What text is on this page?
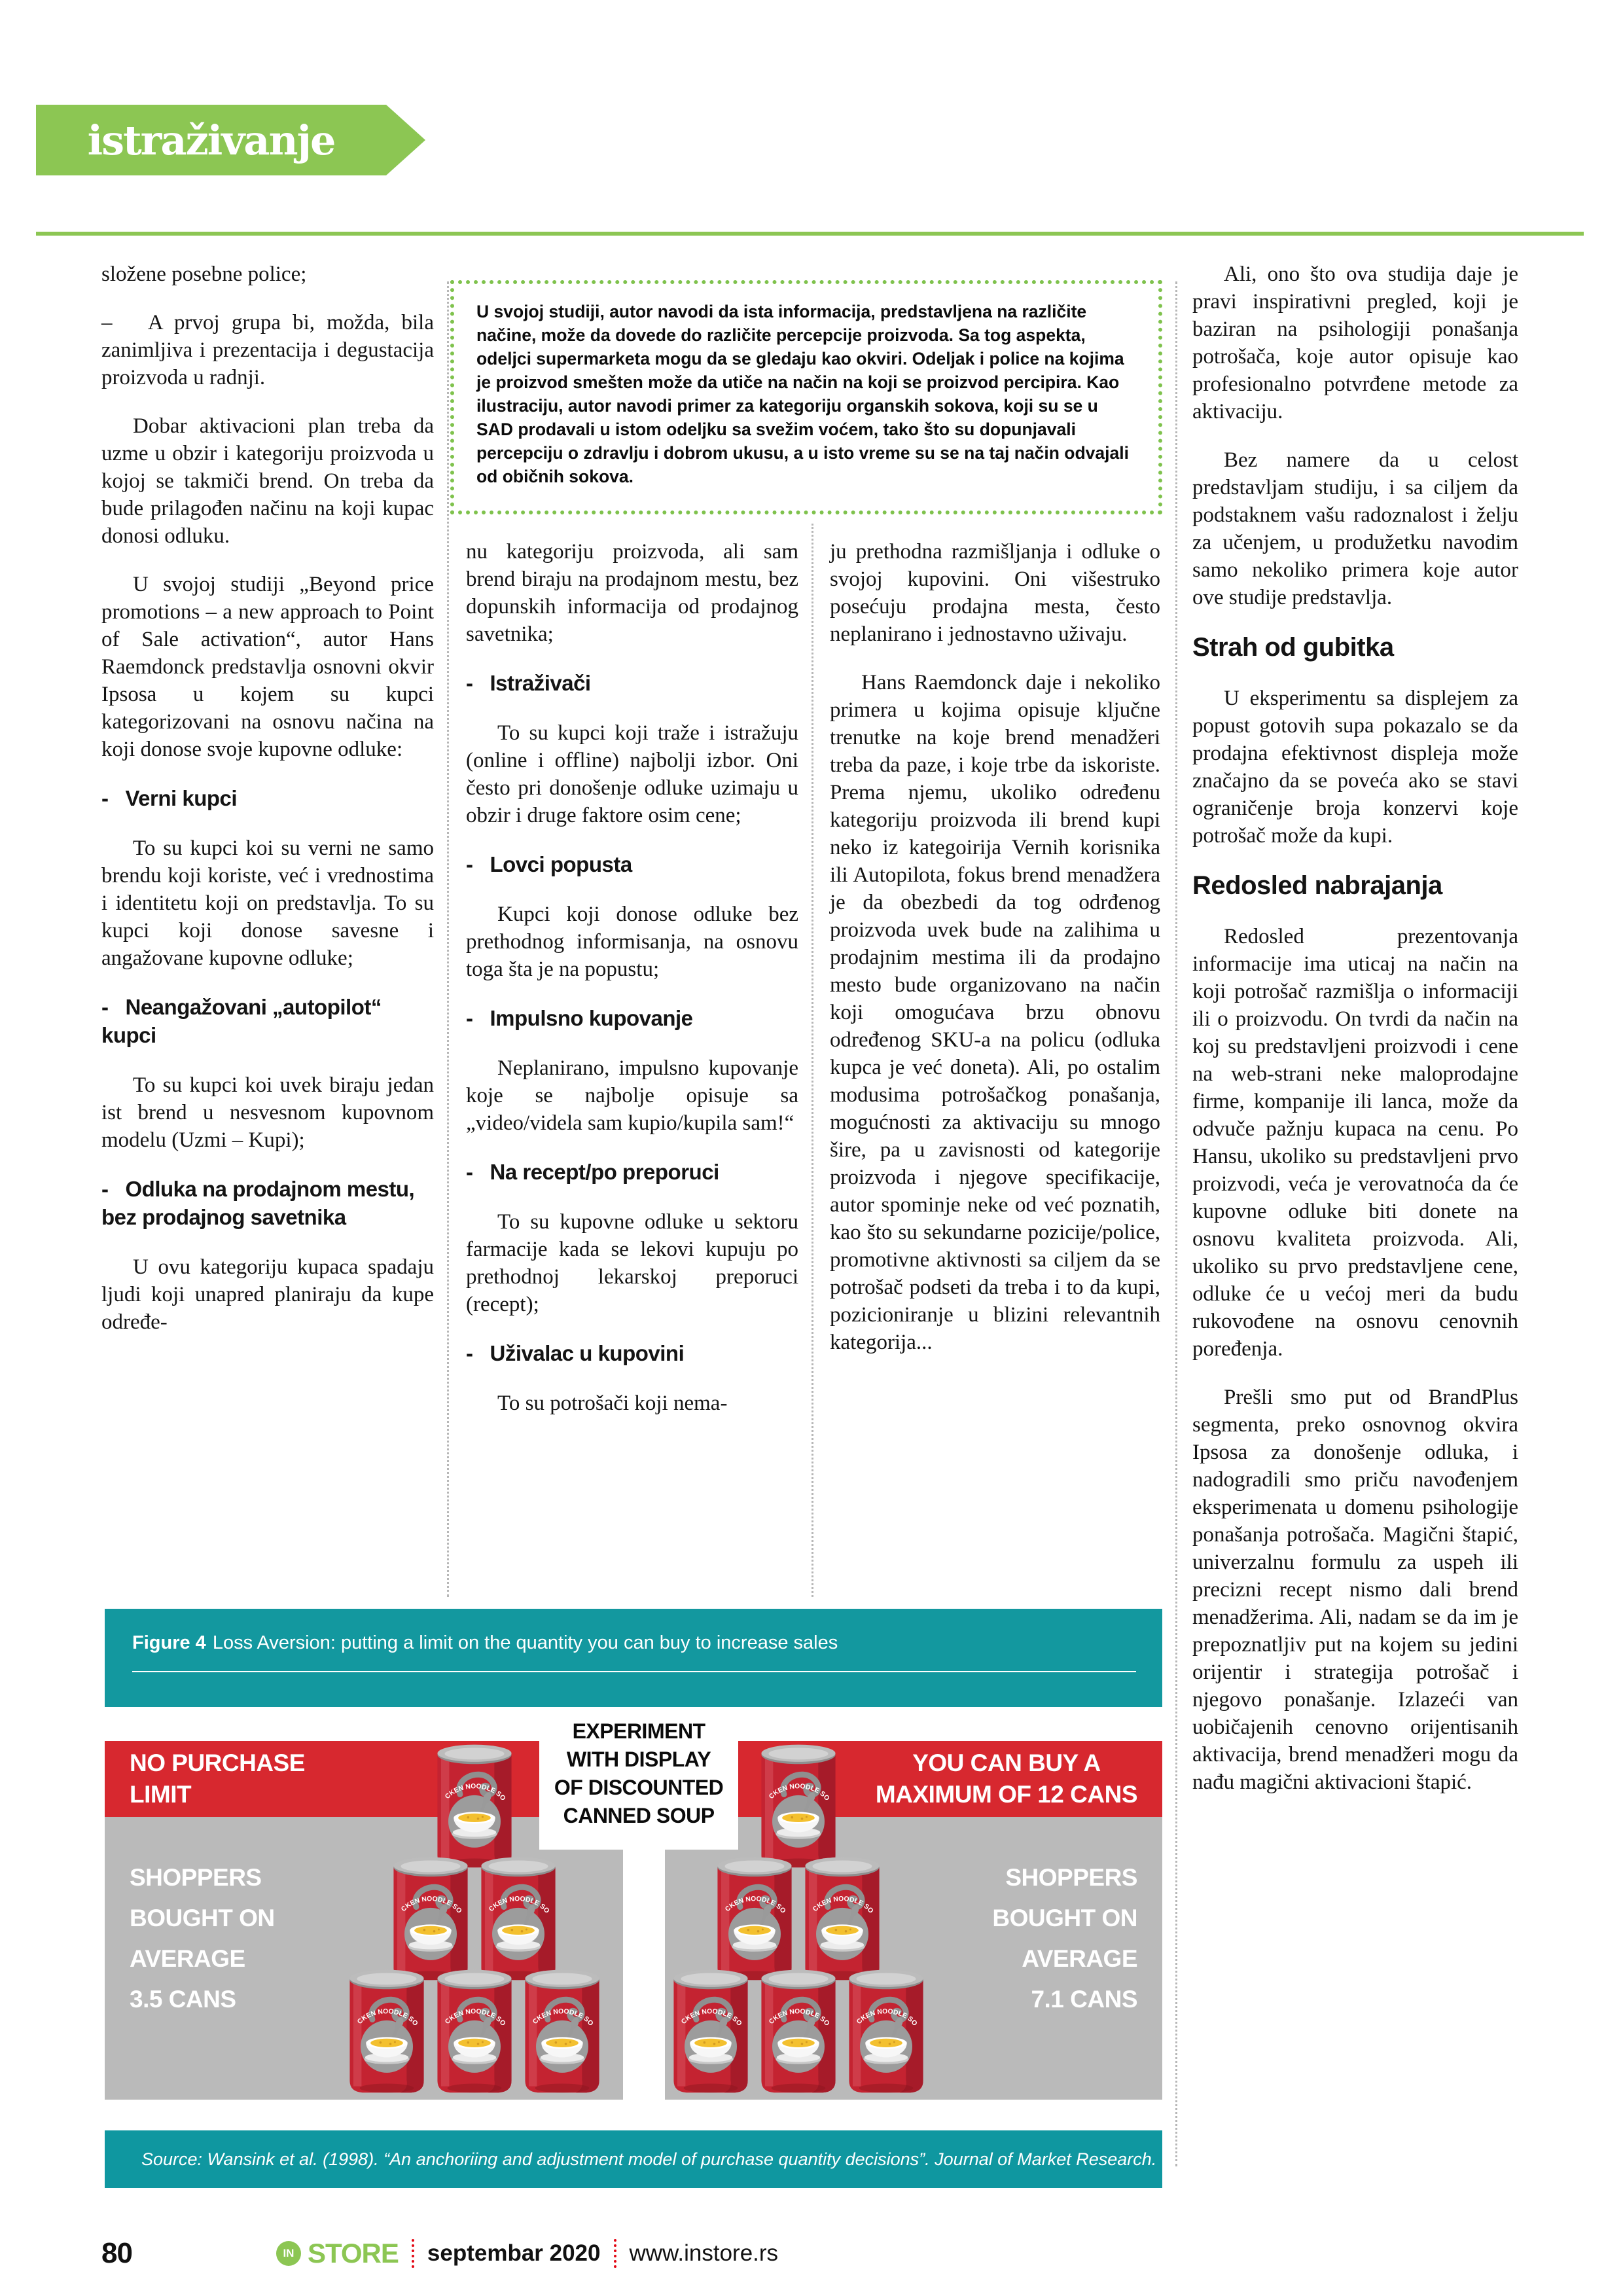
istraživanje

U svojoj studiji, autor navodi da ista informacija, predstavljena na različite načine, može da dovede do različite percepcije proizvoda. Sa tog aspekta, odeljci supermarketa mogu da se gledaju kao okviri. Odeljak i police na kojima je proizvod smešten može da utiče na način na koji se proizvod percipira. Kao ilustraciju, autor navodi primer za kategoriju organskih sokova, koji su se u SAD prodavali u istom odeljku sa svežim voćem, tako što su dopunjavali percepciju o zdravlju i dobrom ukusu, a u isto vreme su se na taj način odvajali od običnih sokova.

složene posebne police;
–   A prvoj grupa bi, možda, bila zanimljiva i prezentacija i degustacija proizvoda u radnji.
Dobar aktivacioni plan treba da uzme u obzir i kategoriju proizvoda u kojoj se takmiči brend. On treba da bude prilagođen načinu na koji kupac donosi odluku.
U svojoj studiji „Beyond price promotions – a new approach to Point of Sale activation“, autor Hans Raemdonck predstavlja osnovni okvir Ipsosa u kojem su kupci kategorizovani na osnovu načina na koji donose svoje kupovne odluke:
-   Verni kupci
To su kupci koi su verni ne samo brendu koji koriste, već i vrednostima i identitetu koji on predstavlja. To su kupci koji donose savesne i angažovane kupovne odluke;
-   Neangažovani „autopilot“ kupci
To su kupci koi uvek biraju jedan ist brend u nesvesnom kupovnom modelu (Uzmi – Kupi);
-   Odluka na prodajnom mestu, bez prodajnog savetnika
U ovu kategoriju kupaca spadaju ljudi koji unapred planiraju da kupe određe-
nu kategoriju proizvoda, ali sam brend biraju na prodajnom mestu, bez dopunskih informacija od prodajnog savetnika;
-   Istraživači
To su kupci koji traže i istražuju (online i offline) najbolji izbor. Oni često pri donošenje odluke uzimaju u obzir i druge faktore osim cene;
-   Lovci popusta
Kupci koji donose odluke bez prethodnog informisanja, na osnovu toga šta je na popustu;
-   Impulsno kupovanje
Neplanirano, impulsno kupovanje koje se najbolje opisuje sa „video/videla sam kupio/kupila sam!“
-   Na recept/po preporuci
To su kupovne odluke u sektoru farmacije kada se lekovi kupuju po prethodnoj lekarskoj preporuci (recept);
-   Uživalac u kupovini
To su potrošači koji nema-
ju prethodna razmišljanja i odluke o svojoj kupovini. Oni višestruko posećuju prodajna mesta, često neplanirano i jednostavno uživaju.
Hans Raemdonck daje i nekoliko primera u kojima opisuje ključne trenutke na koje brend menadžeri treba da paze, i koje trbe da iskoriste. Prema njemu, ukoliko određenu kategoriju proizvoda ili brend kupi neko iz kategoirija Vernih korisnika ili Autopilota, fokus brend menadžera je da obezbedi da tog odrđenog proizvoda uvek bude na zalihima u prodajnim mestima ili da prodajno mesto bude organizovano na način koji omogućava brzu obnovu određenog SKU-a na policu (odluka kupca je već doneta). Ali, po ostalim modusima potrošačkog ponašanja, mogućnosti za aktivaciju su mnogo šire, pa u zavisnosti od kategorije proizvoda i njegove specifikacije, autor spominje neke od već poznatih, kao što su sekundarne pozicije/police, promotivne aktivnosti sa ciljem da se potrošač podseti da treba i to da kupi, pozicioniranje u blizini relevantnih kategorija...
Ali, ono što ova studija daje je pravi inspirativni pregled, koji je baziran na psihologiji ponašanja potrošača, koje autor opisuje kao profesionalno potvrđene metode za aktivaciju.
Bez namere da u celost predstavljam studiju, i sa ciljem da podstaknem vašu radoznalost i želju za učenjem, u produžetku navodim samo nekoliko primera koje autor ove studije predstavlja.
Strah od gubitka
U eksperimentu sa displejem za popust gotovih supa pokazalo se da prodajna efektivnost displeja može značajno da se poveća ako se stavi ograničenje broja konzervi koje potrošač može da kupi.
Redosled nabrajanja
Redosled prezentovanja informacije ima uticaj na način na koji potrošač razmišlja o informaciji ili o proizvodu. On tvrdi da način na koj su predstavljeni proizvodi i cene na web-strani neke maloprodajne firme, kompanije ili lanca, može da odvuče pažnju kupaca na cenu. Po Hansu, ukoliko su predstavljeni prvo proizvodi, veća je verovatnoća da će kupovne odluke biti donete na osnovu kvaliteta proizvoda. Ali, ukoliko su prvo predstavljene cene, odluke će u većoj meri da budu rukovođene na osnovu cenovnih poređenja.
Prešli smo put od BrandPlus segmenta, preko osnovnog okvira Ipsosa za donošenje odluka, i nadogradili smo priču navođenjem eksperimenata u domenu psihologije ponašanja potrošača. Magični štapić, univerzalnu formulu za uspeh ili precizni recept nismo dali brend menadžerima. Ali, nadam se da im je prepoznatljiv put na kojem su jedini orijentir i strategija potrošač i njegovo ponašanje. Izlazeći van uobičajenih cenovno orijentisanih aktivacija, brend menadžeri mogu da nađu magični aktivacioni štapić.
Figure 4 Loss Aversion: putting a limit on the quantity you can buy to increase sales
NO PURCHASE
LIMIT
YOU CAN BUY A
MAXIMUM OF 12 CANS
SHOPPERS
BOUGHT ON
AVERAGE
3.5 CANS
SHOPPERS
BOUGHT ON
AVERAGE
7.1 CANS
EXPERIMENT
WITH DISPLAY
OF DISCOUNTED
CANNED SOUP
Source: Wansink et al. (1998). “An anchoriing and adjustment model of purchase quantity decisions”. Journal of Market Research.
80	IN STORE septembar 2020 www.instore.rs
